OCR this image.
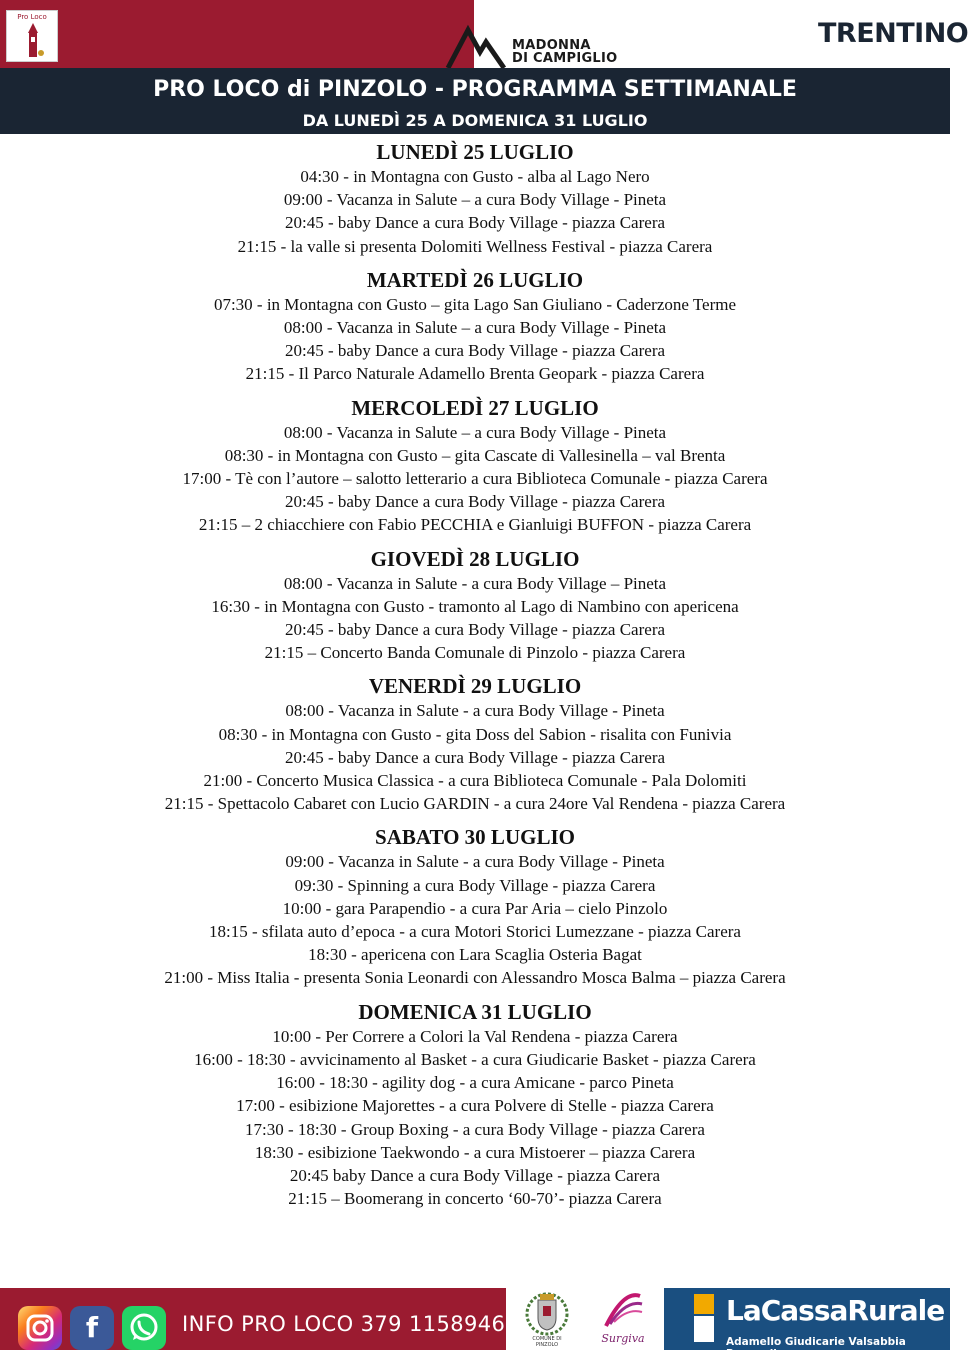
Pro Loco
MADONNA
DI CAMPIGLIO
TRENTINO
PRO LOCO di PINZOLO - PROGRAMMA SETTIMANALE
DA LUNEDÌ 25 A DOMENICA 31 LUGLIO
LUNEDÌ 25 LUGLIO
04:30 - in Montagna con Gusto - alba al Lago Nero
09:00 - Vacanza in Salute – a cura Body Village - Pineta
20:45 - baby Dance a cura Body Village - piazza Carera
21:15 - la valle si presenta Dolomiti Wellness Festival - piazza Carera
MARTEDÌ 26 LUGLIO
07:30 - in Montagna con Gusto – gita Lago San Giuliano - Caderzone Terme
08:00 - Vacanza in Salute – a cura Body Village - Pineta
20:45 - baby Dance a cura Body Village - piazza Carera
21:15 - Il Parco Naturale Adamello Brenta Geopark - piazza Carera
MERCOLEDÌ 27 LUGLIO
08:00 - Vacanza in Salute – a cura Body Village - Pineta
08:30 - in Montagna con Gusto – gita Cascate di Vallesinella – val Brenta
17:00 - Tè con l’autore – salotto letterario a cura Biblioteca Comunale - piazza Carera
20:45 - baby Dance a cura Body Village - piazza Carera
21:15 – 2 chiacchiere con Fabio PECCHIA e Gianluigi BUFFON - piazza Carera
GIOVEDÌ 28 LUGLIO
08:00 - Vacanza in Salute - a cura Body Village – Pineta
16:30 - in Montagna con Gusto - tramonto al Lago di Nambino con apericena
20:45 - baby Dance a cura Body Village - piazza Carera
21:15 – Concerto Banda Comunale di Pinzolo - piazza Carera
VENERDÌ 29 LUGLIO
08:00 - Vacanza in Salute - a cura Body Village - Pineta
08:30 - in Montagna con Gusto - gita Doss del Sabion - risalita con Funivia
20:45 - baby Dance a cura Body Village - piazza Carera
21:00 - Concerto Musica Classica - a cura Biblioteca Comunale - Pala Dolomiti
21:15 - Spettacolo Cabaret con Lucio GARDIN - a cura 24ore Val Rendena - piazza Carera
SABATO 30 LUGLIO
09:00 - Vacanza in Salute - a cura Body Village - Pineta
09:30 - Spinning a cura Body Village - piazza Carera
10:00 - gara Parapendio - a cura Par Aria – cielo Pinzolo
18:15 - sfilata auto d’epoca - a cura Motori Storici Lumezzane - piazza Carera
18:30 - apericena con Lara Scaglia Osteria Bagat
21:00 - Miss Italia - presenta Sonia Leonardi con Alessandro Mosca Balma – piazza Carera
DOMENICA 31 LUGLIO
10:00 - Per Correre a Colori la Val Rendena - piazza Carera
16:00 - 18:30 - avvicinamento al Basket - a cura Giudicarie Basket - piazza Carera
16:00 - 18:30 - agility dog - a cura Amicane - parco Pineta
17:00 - esibizione Majorettes - a cura Polvere di Stelle - piazza Carera
17:30 - 18:30 - Group Boxing - a cura Body Village - piazza Carera
18:30 - esibizione Taekwondo - a cura Mistoerer – piazza Carera
20:45 baby Dance a cura Body Village - piazza Carera
21:15 – Boomerang in concerto ‘60-70’- piazza Carera
f	INFO PRO LOCO 379 1158946
COMUNE DI PINZOLO	Surgiva
LaCassaRurale
Adamello Giudicarie Valsabbia Paganella
